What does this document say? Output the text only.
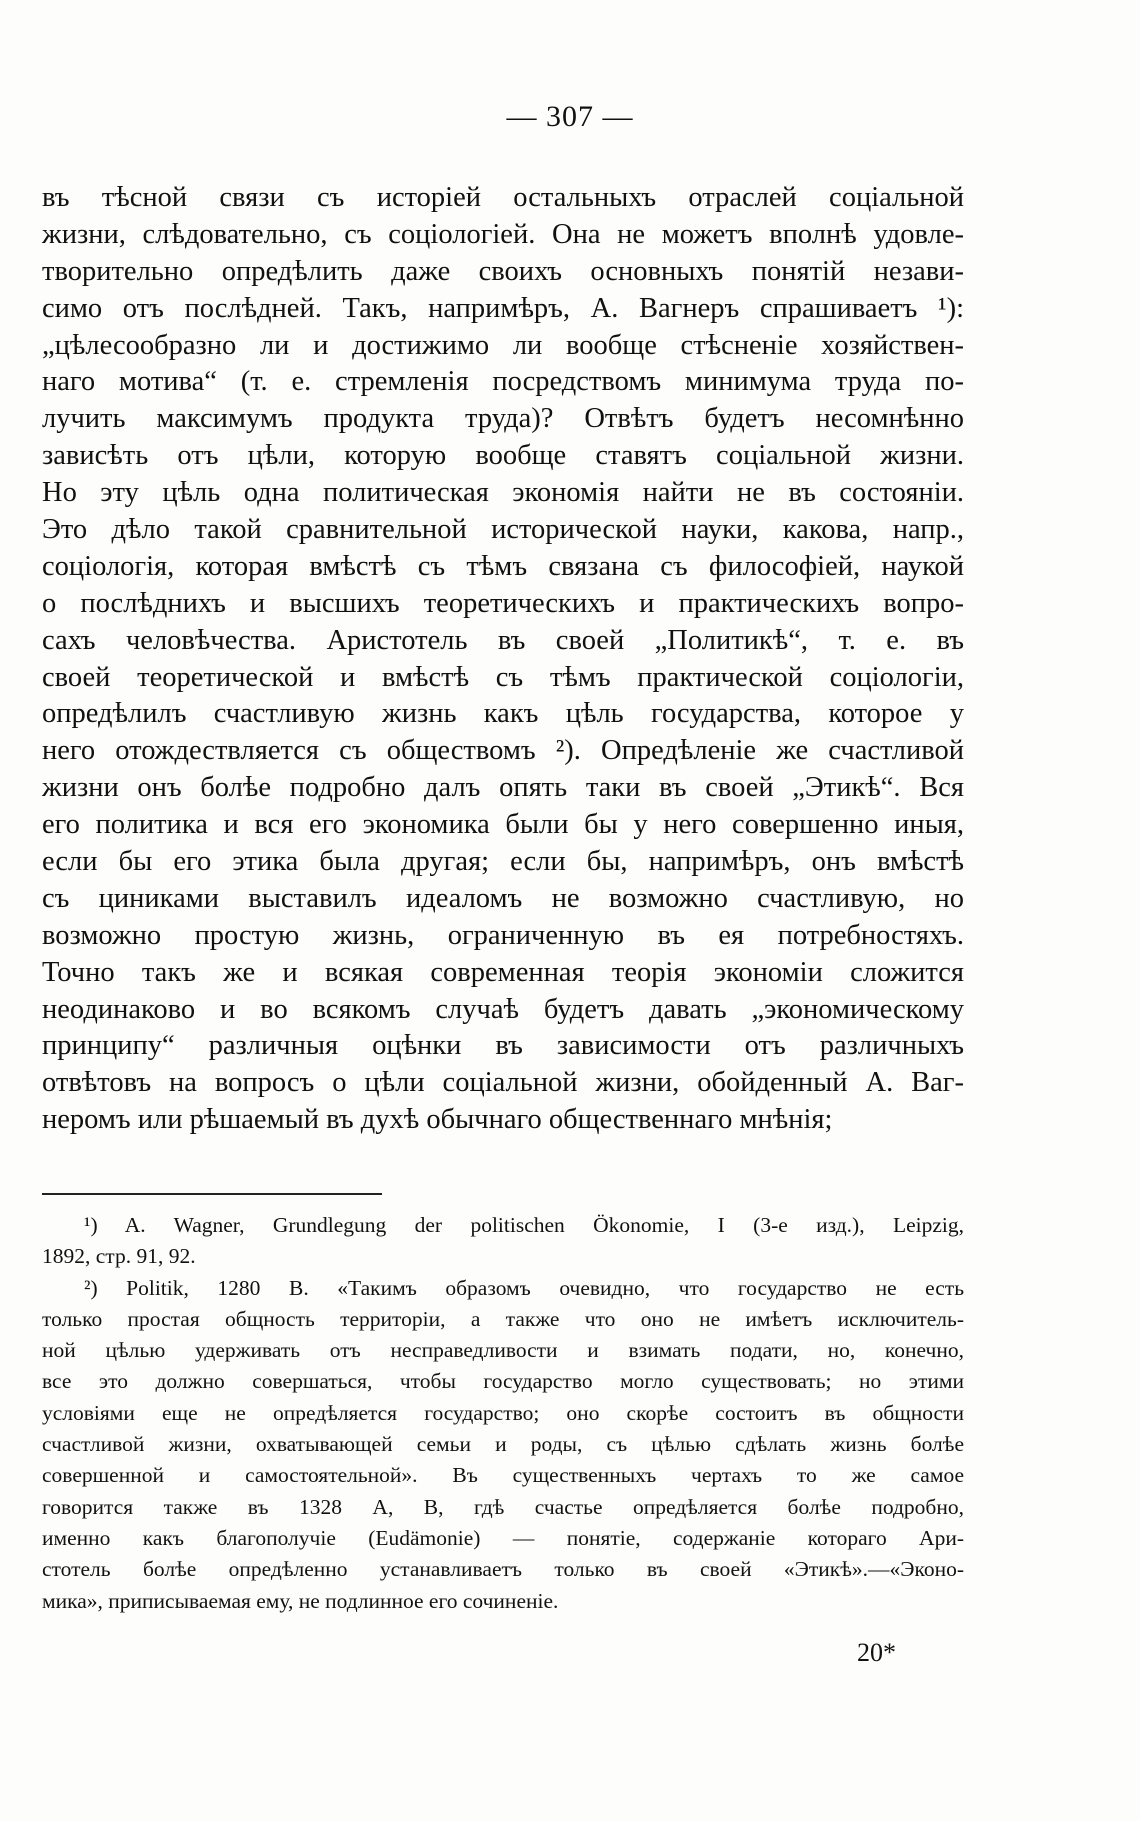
— 307 —
въ тѣсной связи съ исторіей остальныхъ отраслей соціальной
жизни, слѣдовательно, съ соціологіей. Она не можетъ вполнѣ удовле-
творительно опредѣлить даже своихъ основныхъ понятій незави-
симо отъ послѣдней. Такъ, напримѣръ, А. Вагнеръ спрашиваетъ ¹):
„цѣлесообразно ли и достижимо ли вообще стѣсненіе хозяйствен-
наго мотива“ (т. е. стремленія посредствомъ минимума труда по-
лучить максимумъ продукта труда)? Отвѣтъ будетъ несомнѣнно
зависѣть отъ цѣли, которую вообще ставятъ соціальной жизни.
Но эту цѣль одна политическая экономія найти не въ состояніи.
Это дѣло такой сравнительной исторической науки, какова, напр.,
соціологія, которая вмѣстѣ съ тѣмъ связана съ философіей, наукой
о послѣднихъ и высшихъ теоретическихъ и практическихъ вопро-
сахъ человѣчества. Аристотель въ своей „Политикѣ“, т. е. въ
своей теоретической и вмѣстѣ съ тѣмъ практической соціологіи,
опредѣлилъ счастливую жизнь какъ цѣль государства, которое у
него отождествляется съ обществомъ ²). Опредѣленіе же счастливой
жизни онъ болѣе подробно далъ опять таки въ своей „Этикѣ“. Вся
его политика и вся его экономика были бы у него совершенно иныя,
если бы его этика была другая; если бы, напримѣръ, онъ вмѣстѣ
съ циниками выставилъ идеаломъ не возможно счастливую, но
возможно простую жизнь, ограниченную въ ея потребностяхъ.
Точно такъ же и всякая современная теорія экономіи сложится
неодинаково и во всякомъ случаѣ будетъ давать „экономическому
принципу“ различныя оцѣнки въ зависимости отъ различныхъ
отвѣтовъ на вопросъ о цѣли соціальной жизни, обойденный А. Ваг-
неромъ или рѣшаемый въ духѣ обычнаго общественнаго мнѣнія;
¹) A. Wagner, Grundlegung der politischen Ökonomie, I (3-е изд.), Leipzig,
1892, стр. 91, 92.
²) Politik, 1280 B. «Такимъ образомъ очевидно, что государство не есть
только простая общность территоріи, а также что оно не имѣетъ исключитель-
ной цѣлью удерживать отъ несправедливости и взимать подати, но, конечно,
все это должно совершаться, чтобы государство могло существовать; но этими
условіями еще не опредѣляется государство; оно скорѣе состоитъ въ общности
счастливой жизни, охватывающей семьи и роды, съ цѣлью сдѣлать жизнь болѣе
совершенной и самостоятельной». Въ существенныхъ чертахъ то же самое
говорится также въ 1328 A, B, гдѣ счастье опредѣляется болѣе подробно,
именно какъ благополучіе (Eudämonie) — понятіе, содержаніе котораго Ари-
стотель болѣе опредѣленно устанавливаетъ только въ своей «Этикѣ».—«Эконо-
мика», приписываемая ему, не подлинное его сочиненіе.
20*
